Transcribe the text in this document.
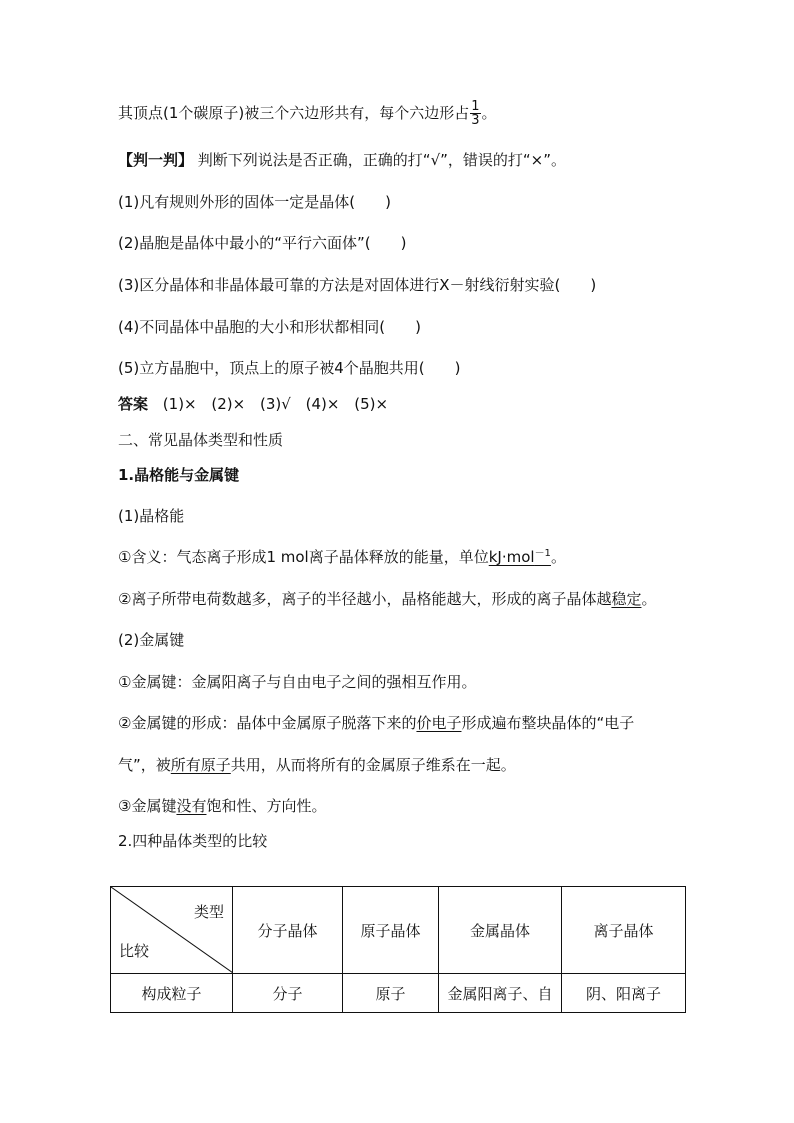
其顶点(1个碳原子)被三个六边形共有，每个六边形占 $\frac{1}{3}$ 。
【判一判】 判断下列说法是否正确，正确的打“√”，错误的打“×”。
(1)凡有规则外形的固体一定是晶体(　　)
(2)晶胞是晶体中最小的“平行六面体”(　　)
(3)区分晶体和非晶体最可靠的方法是对固体进行X－射线衍射实验(　　)
(4)不同晶体中晶胞的大小和形状都相同(　　)
(5)立方晶胞中，顶点上的原子被4个晶胞共用(　　)
答案 (1)× (2)× (3)√ (4)× (5)×
二、常见晶体类型和性质
1.晶格能与金属键
(1)晶格能
①含义：气态离子形成1 mol离子晶体释放的能量，单位kJ·mol$^{-1}$。
②离子所带电荷数越多，离子的半径越小，晶格能越大，形成的离子晶体越稳定。
(2)金属键
①金属键：金属阳离子与自由电子之间的强相互作用。
②金属键的形成：晶体中金属原子脱落下来的价电子形成遍布整块晶体的“电子
气”，被所有原子共用，从而将所有的金属原子维系在一起。
③金属键没有饱和性、方向性。
2.四种晶体类型的比较
类型
比较	分子晶体	原子晶体	金属晶体	离子晶体
构成粒子	分子	原子	金属阳离子、自	阴、阳离子
